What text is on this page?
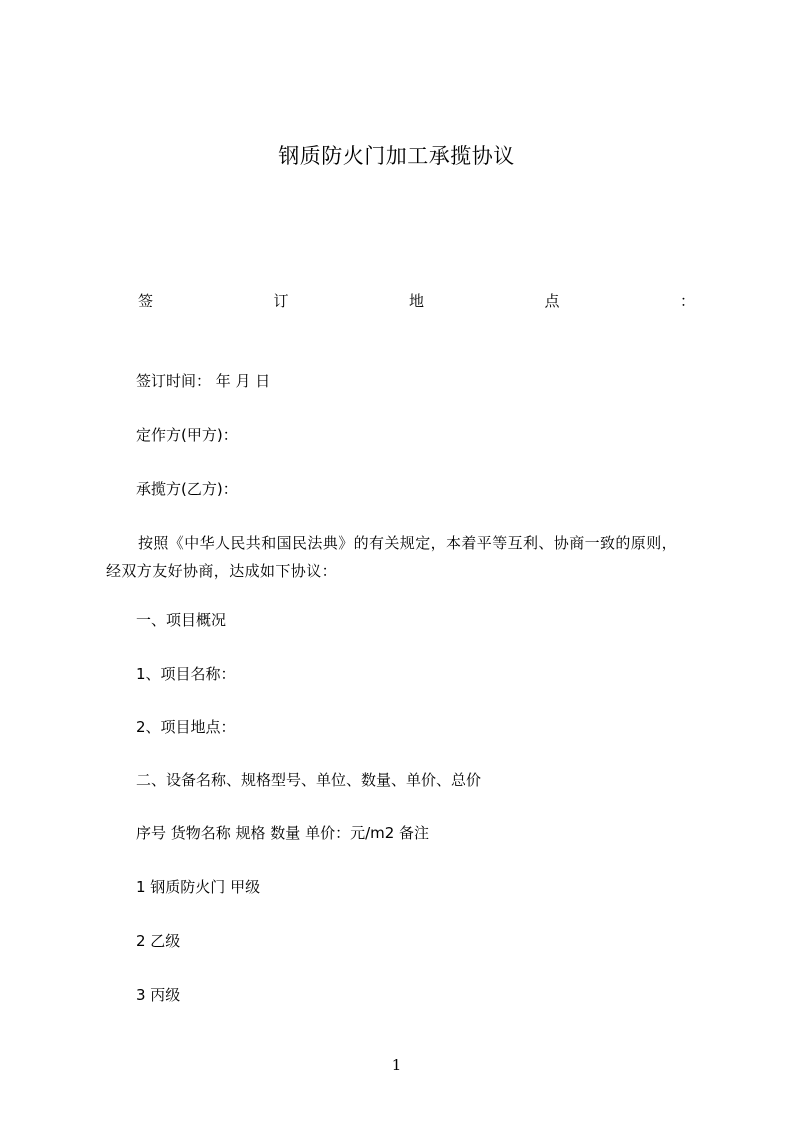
钢质防火门加工承揽协议
签	订	地	点	：
签订时间： 年 月 日
定作方(甲方)：
承揽方(乙方)：
按照《中华人民共和国民法典》的有关规定，本着平等互利、协商一致的原则，
经双方友好协商，达成如下协议：
一、项目概况
1、项目名称：
2、项目地点：
二、设备名称、规格型号、单位、数量、单价、总价
序号 货物名称 规格 数量 单价：元/m2 备注
1 钢质防火门 甲级
2 乙级
3 丙级
1
